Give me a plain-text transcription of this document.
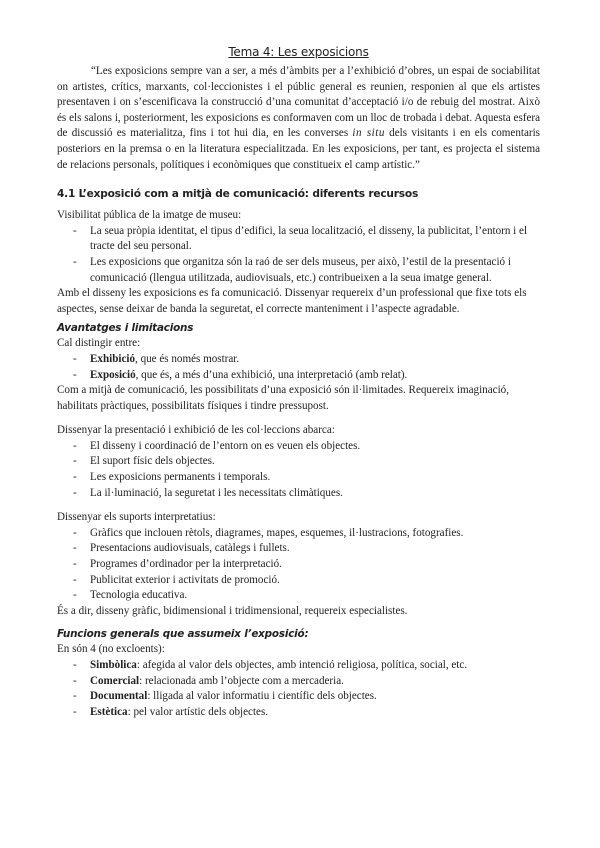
Tema 4: Les exposicions

“Les exposicions sempre van a ser, a més d’àmbits per a l’exhibició d’obres, un espai de sociabilitat on artistes, crítics, marxants, col·leccionistes i el públic general es reunien, responien al que els artistes presentaven i on s’escenificava la construcció d’una comunitat d’acceptació i/o de rebuig del mostrat. Això és els salons i, posteriorment, les exposicions es conformaven com un lloc de trobada i debat. Aquesta esfera de discussió es materialitza, fins i tot hui dia, en les converses in situ dels visitants i en els comentaris posteriors en la premsa o en la literatura especialitzada. En les exposicions, per tant, es projecta el sistema de relacions personals, polítiques i econòmiques que constitueix el camp artístic.”

4.1 L’exposició com a mitjà de comunicació: diferents recursos

Visibilitat pública de la imatge de museu:

- La seua pròpia identitat, el tipus d’edifici, la seua localització, el disseny, la publicitat, l’entorn i el tracte del seu personal.
- Les exposicions que organitza són la raó de ser dels museus, per això, l’estil de la presentació i comunicació (llengua utilitzada, audiovisuals, etc.) contribueixen a la seua imatge general.

Amb el disseny les exposicions es fa comunicació. Dissenyar requereix d’un professional que fixe tots els aspectes, sense deixar de banda la seguretat, el correcte manteniment i l’aspecte agradable.

Avantatges i limitacions

Cal distingir entre:

- Exhibició, que és només mostrar.
- Exposició, que és, a més d’una exhibició, una interpretació (amb relat).

Com a mitjà de comunicació, les possibilitats d’una exposició són il·limitades. Requereix imaginació, habilitats pràctiques, possibilitats físiques i tindre pressupost.

Dissenyar la presentació i exhibició de les col·leccions abarca:

- El disseny i coordinació de l’entorn on es veuen els objectes.
- El suport físic dels objectes.
- Les exposicions permanents i temporals.
- La il·luminació, la seguretat i les necessitats climàtiques.

Dissenyar els suports interpretatius:

- Gràfics que inclouen rètols, diagrames, mapes, esquemes, il·lustracions, fotografies.
- Presentacions audiovisuals, catàlegs i fullets.
- Programes d’ordinador per la interpretació.
- Publicitat exterior i activitats de promoció.
- Tecnologia educativa.

És a dir, disseny gràfic, bidimensional i tridimensional, requereix especialistes.

Funcions generals que assumeix l’exposició:

En són 4 (no excloents):

- Simbòlica: afegida al valor dels objectes, amb intenció religiosa, política, social, etc.
- Comercial: relacionada amb l’objecte com a mercaderia.
- Documental: lligada al valor informatiu i científic dels objectes.
- Estètica: pel valor artístic dels objectes.
